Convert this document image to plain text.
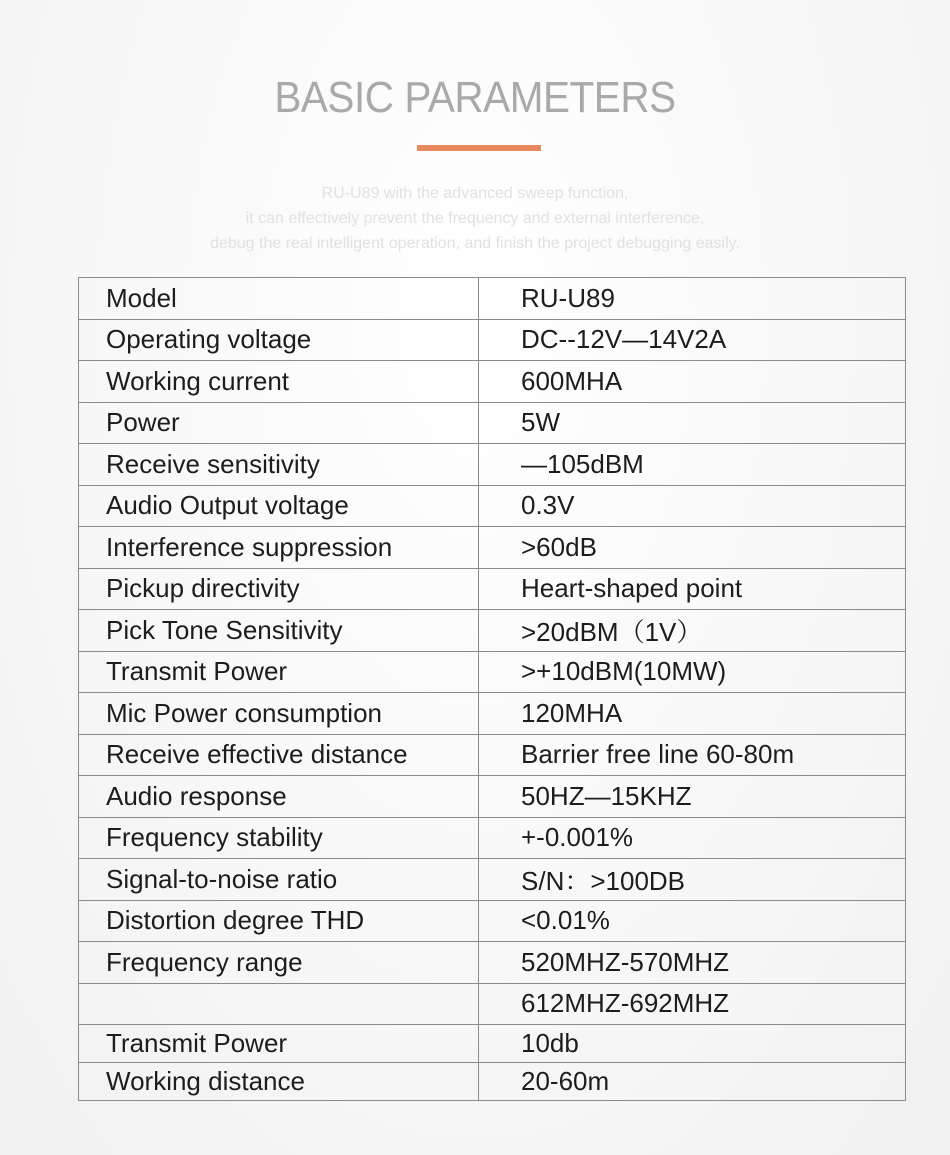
BASIC PARAMETERS
RU-U89 with the advanced sweep function,
it can effectively prevent the frequency and external interference,
debug the real intelligent operation, and finish the project debugging easily.
Model	RU-U89
Operating voltage	DC--12V—14V2A
Working current	600MHA
Power	5W
Receive sensitivity	—105dBM
Audio Output voltage	0.3V
Interference suppression	>60dB
Pickup directivity	Heart-shaped point
Pick Tone Sensitivity	>20dBM（1V）
Transmit Power	>+10dBM(10MW)
Mic Power consumption	120MHA
Receive effective distance	Barrier free line 60-80m
Audio response	50HZ—15KHZ
Frequency stability	+-0.001%
Signal-to-noise ratio	S/N：>100DB
Distortion degree THD	<0.01%
Frequency range	520MHZ-570MHZ
	612MHZ-692MHZ
Transmit Power	10db
Working distance	20-60m
